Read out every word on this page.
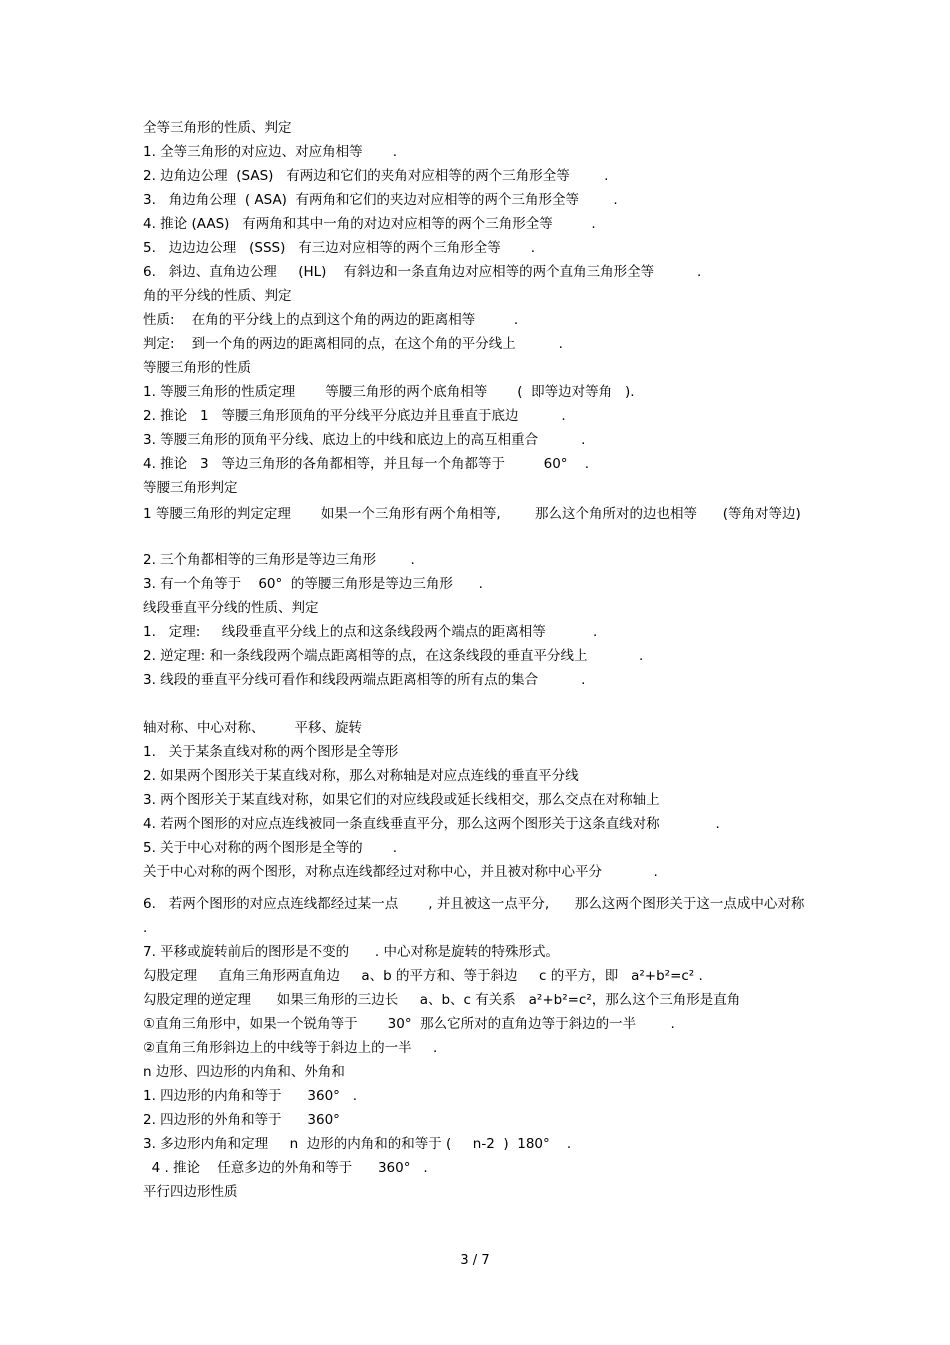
全等三角形的性质、判定
1. 全等三角形的对应边、对应角相等       .
2. 边角边公理  (SAS)   有两边和它们的夹角对应相等的两个三角形全等        .
3.   角边角公理  ( ASA)  有两角和它们的夹边对应相等的两个三角形全等        .
4. 推论 (AAS)   有两角和其中一角的对边对应相等的两个三角形全等         .
5.   边边边公理   (SSS)   有三边对应相等的两个三角形全等       .
6.   斜边、直角边公理     (HL)    有斜边和一条直角边对应相等的两个直角三角形全等          .
角的平分线的性质、判定
性质:    在角的平分线上的点到这个角的两边的距离相等         .
判定:    到一个角的两边的距离相同的点，在这个角的平分线上          .
等腰三角形的性质
1. 等腰三角形的性质定理       等腰三角形的两个底角相等       (  即等边对等角   ).
2. 推论   1   等腰三角形顶角的平分线平分底边并且垂直于底边          .
3. 等腰三角形的顶角平分线、底边上的中线和底边上的高互相重合          .
4. 推论   3   等边三角形的各角都相等，并且每一个角都等于         60°    .
等腰三角形判定
1 等腰三角形的判定定理       如果一个三角形有两个角相等,        那么这个角所对的边也相等      (等角对等边)
2. 三个角都相等的三角形是等边三角形        .
3. 有一个角等于    60°  的等腰三角形是等边三角形      .
线段垂直平分线的性质、判定
1.   定理:     线段垂直平分线上的点和这条线段两个端点的距离相等           .
2. 逆定理: 和一条线段两个端点距离相等的点，在这条线段的垂直平分线上            .
3. 线段的垂直平分线可看作和线段两端点距离相等的所有点的集合          .
轴对称、中心对称、       平移、旋转
1.   关于某条直线对称的两个图形是全等形
2. 如果两个图形关于某直线对称，那么对称轴是对应点连线的垂直平分线
3. 两个图形关于某直线对称，如果它们的对应线段或延长线相交，那么交点在对称轴上
4. 若两个图形的对应点连线被同一条直线垂直平分，那么这两个图形关于这条直线对称             .
5. 关于中心对称的两个图形是全等的       .
关于中心对称的两个图形，对称点连线都经过对称中心，并且被对称中心平分            .
6.   若两个图形的对应点连线都经过某一点       , 并且被这一点平分,      那么这两个图形关于这一点成中心对称   .
7. 平移或旋转前后的图形是不变的      . 中心对称是旋转的特殊形式。
勾股定理     直角三角形两直角边     a、b 的平方和、等于斜边     c 的平方，即   a²+b²=c² .
勾股定理的逆定理      如果三角形的三边长     a、b、c 有关系   a²+b²=c²，那么这个三角形是直角
①直角三角形中，如果一个锐角等于       30°  那么它所对的直角边等于斜边的一半        .
②直角三角形斜边上的中线等于斜边上的一半     .
n 边形、四边形的内角和、外角和
1. 四边形的内角和等于      360°   .
2. 四边形的外角和等于      360°
3. 多边形内角和定理     n  边形的内角和的和等于 (     n-2  )  180°    .
4 . 推论    任意多边的外角和等于      360°   .
平行四边形性质
3 / 7
